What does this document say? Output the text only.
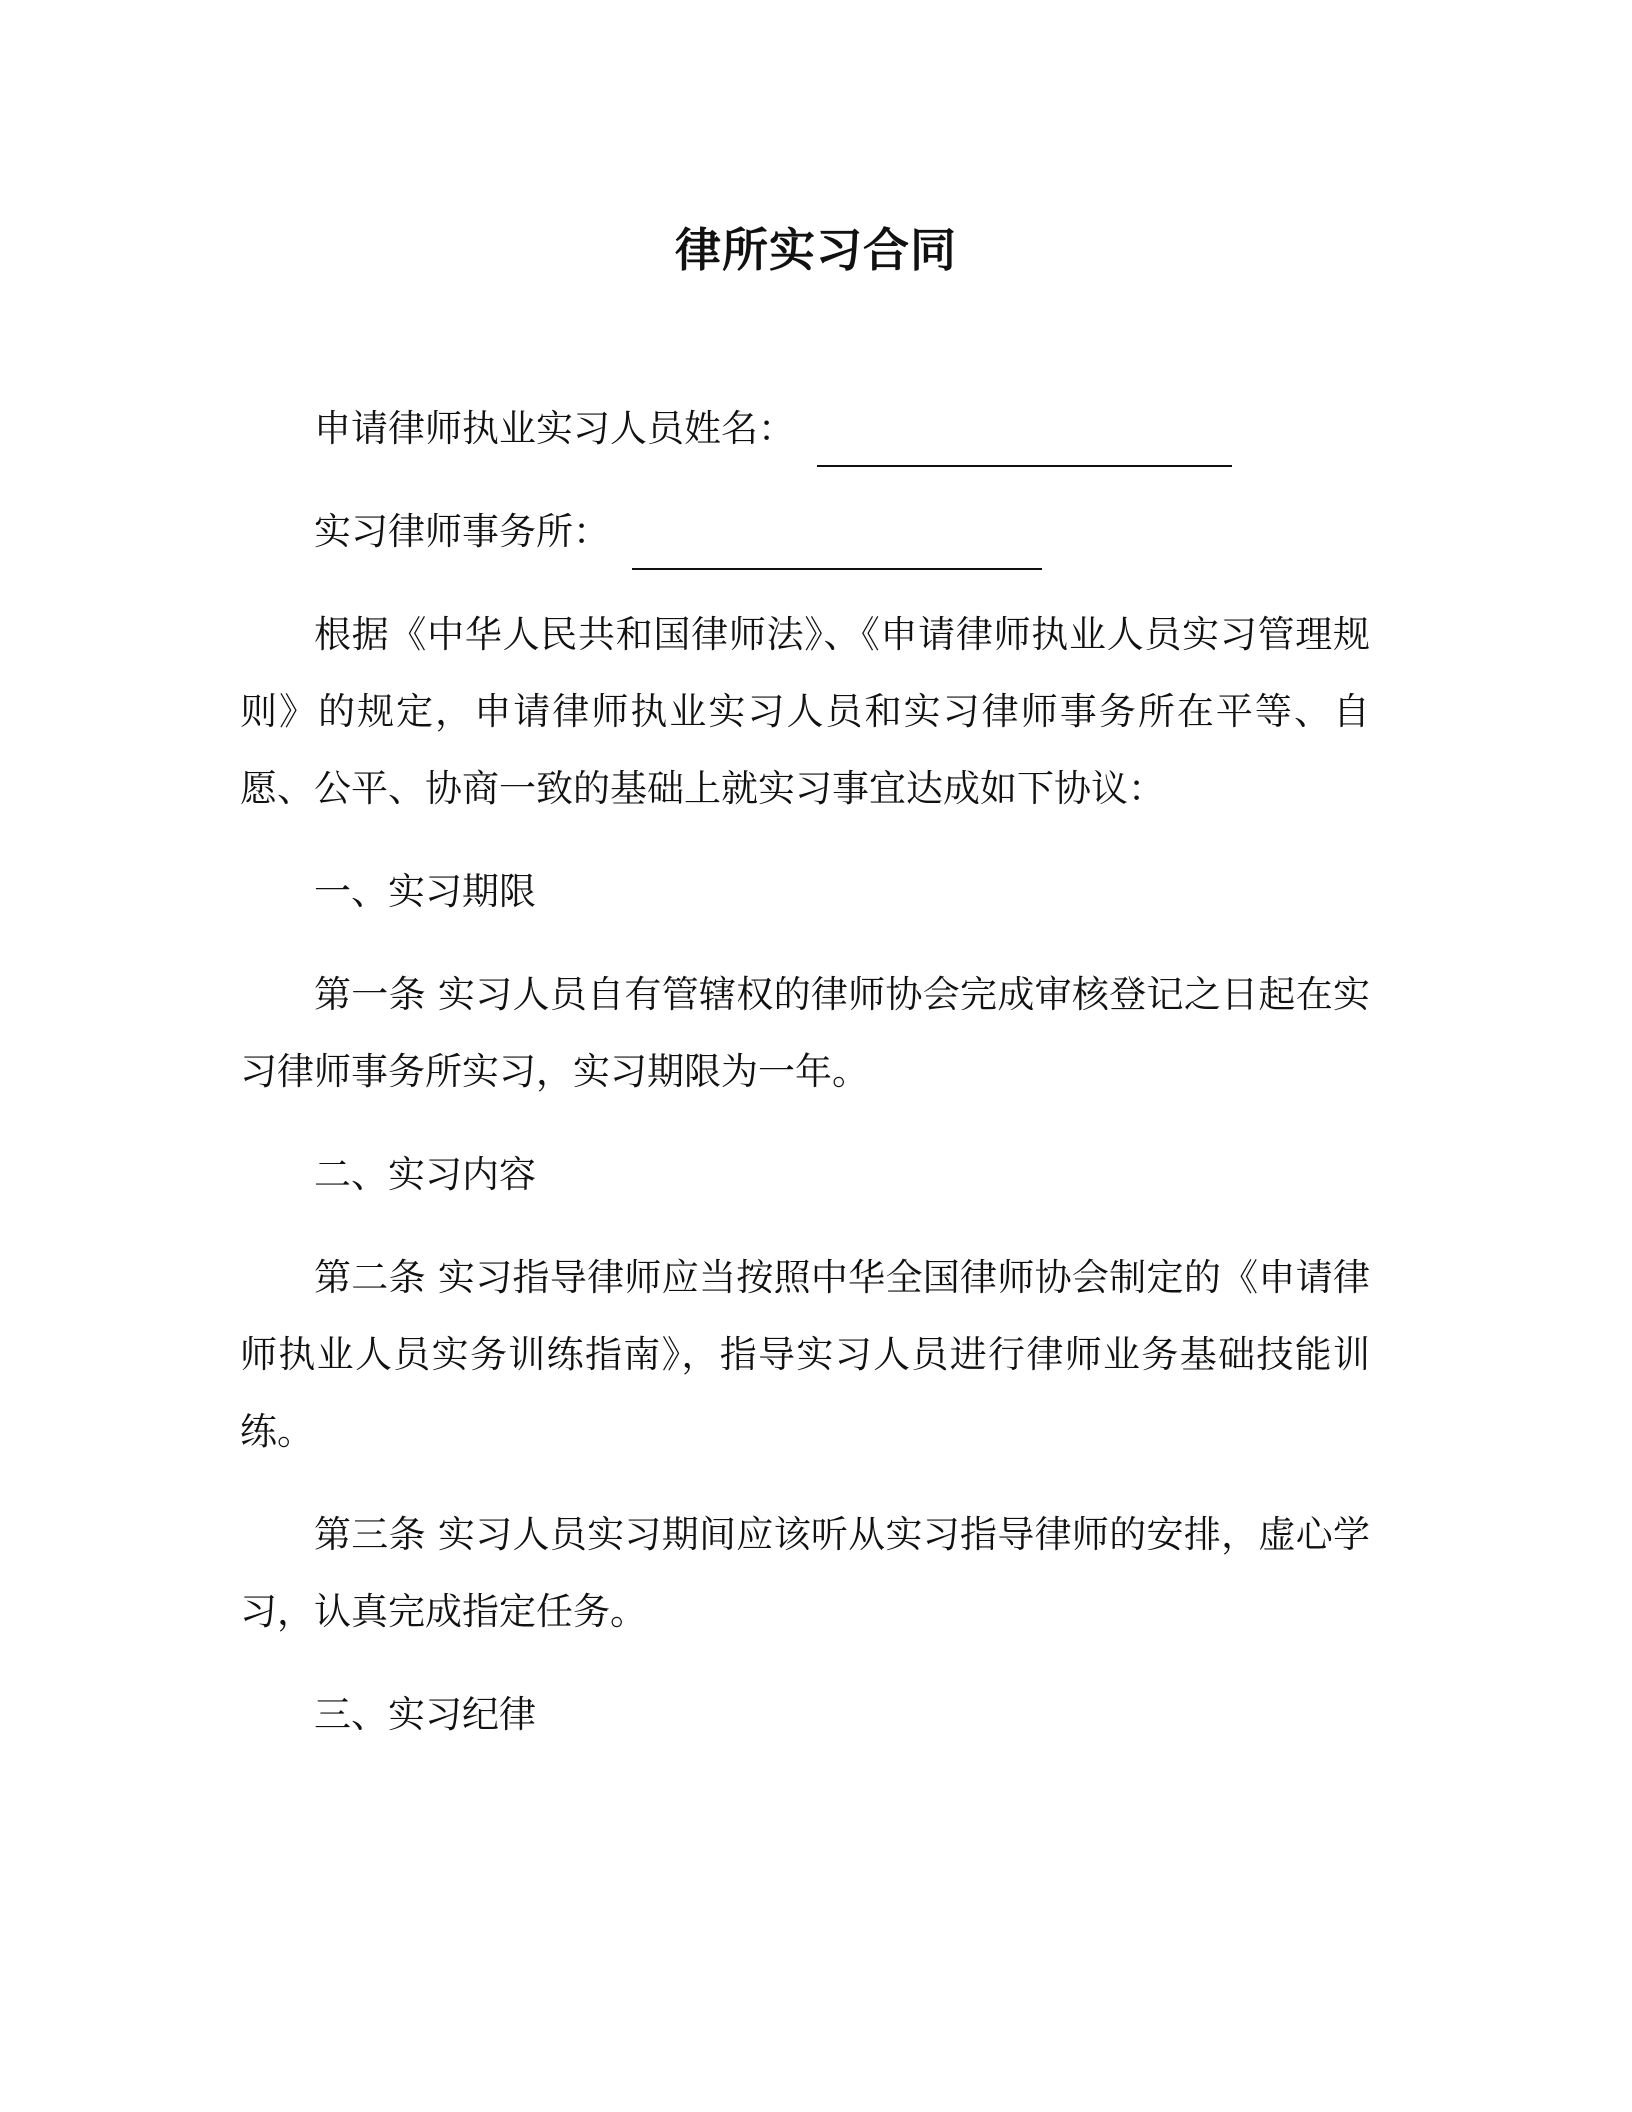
律所实习合同
申请律师执业实习人员姓名：
实习律师事务所：
根据《中华人民共和国律师法》、《申请律师执业人员实习管理规则》的规定，申请律师执业实习人员和实习律师事务所在平等、自愿、公平、协商一致的基础上就实习事宜达成如下协议：
一、实习期限
第一条 实习人员自有管辖权的律师协会完成审核登记之日起在实习律师事务所实习，实习期限为一年。
二、实习内容
第二条 实习指导律师应当按照中华全国律师协会制定的《申请律师执业人员实务训练指南》，指导实习人员进行律师业务基础技能训练。
第三条 实习人员实习期间应该听从实习指导律师的安排，虚心学习，认真完成指定任务。
三、实习纪律
